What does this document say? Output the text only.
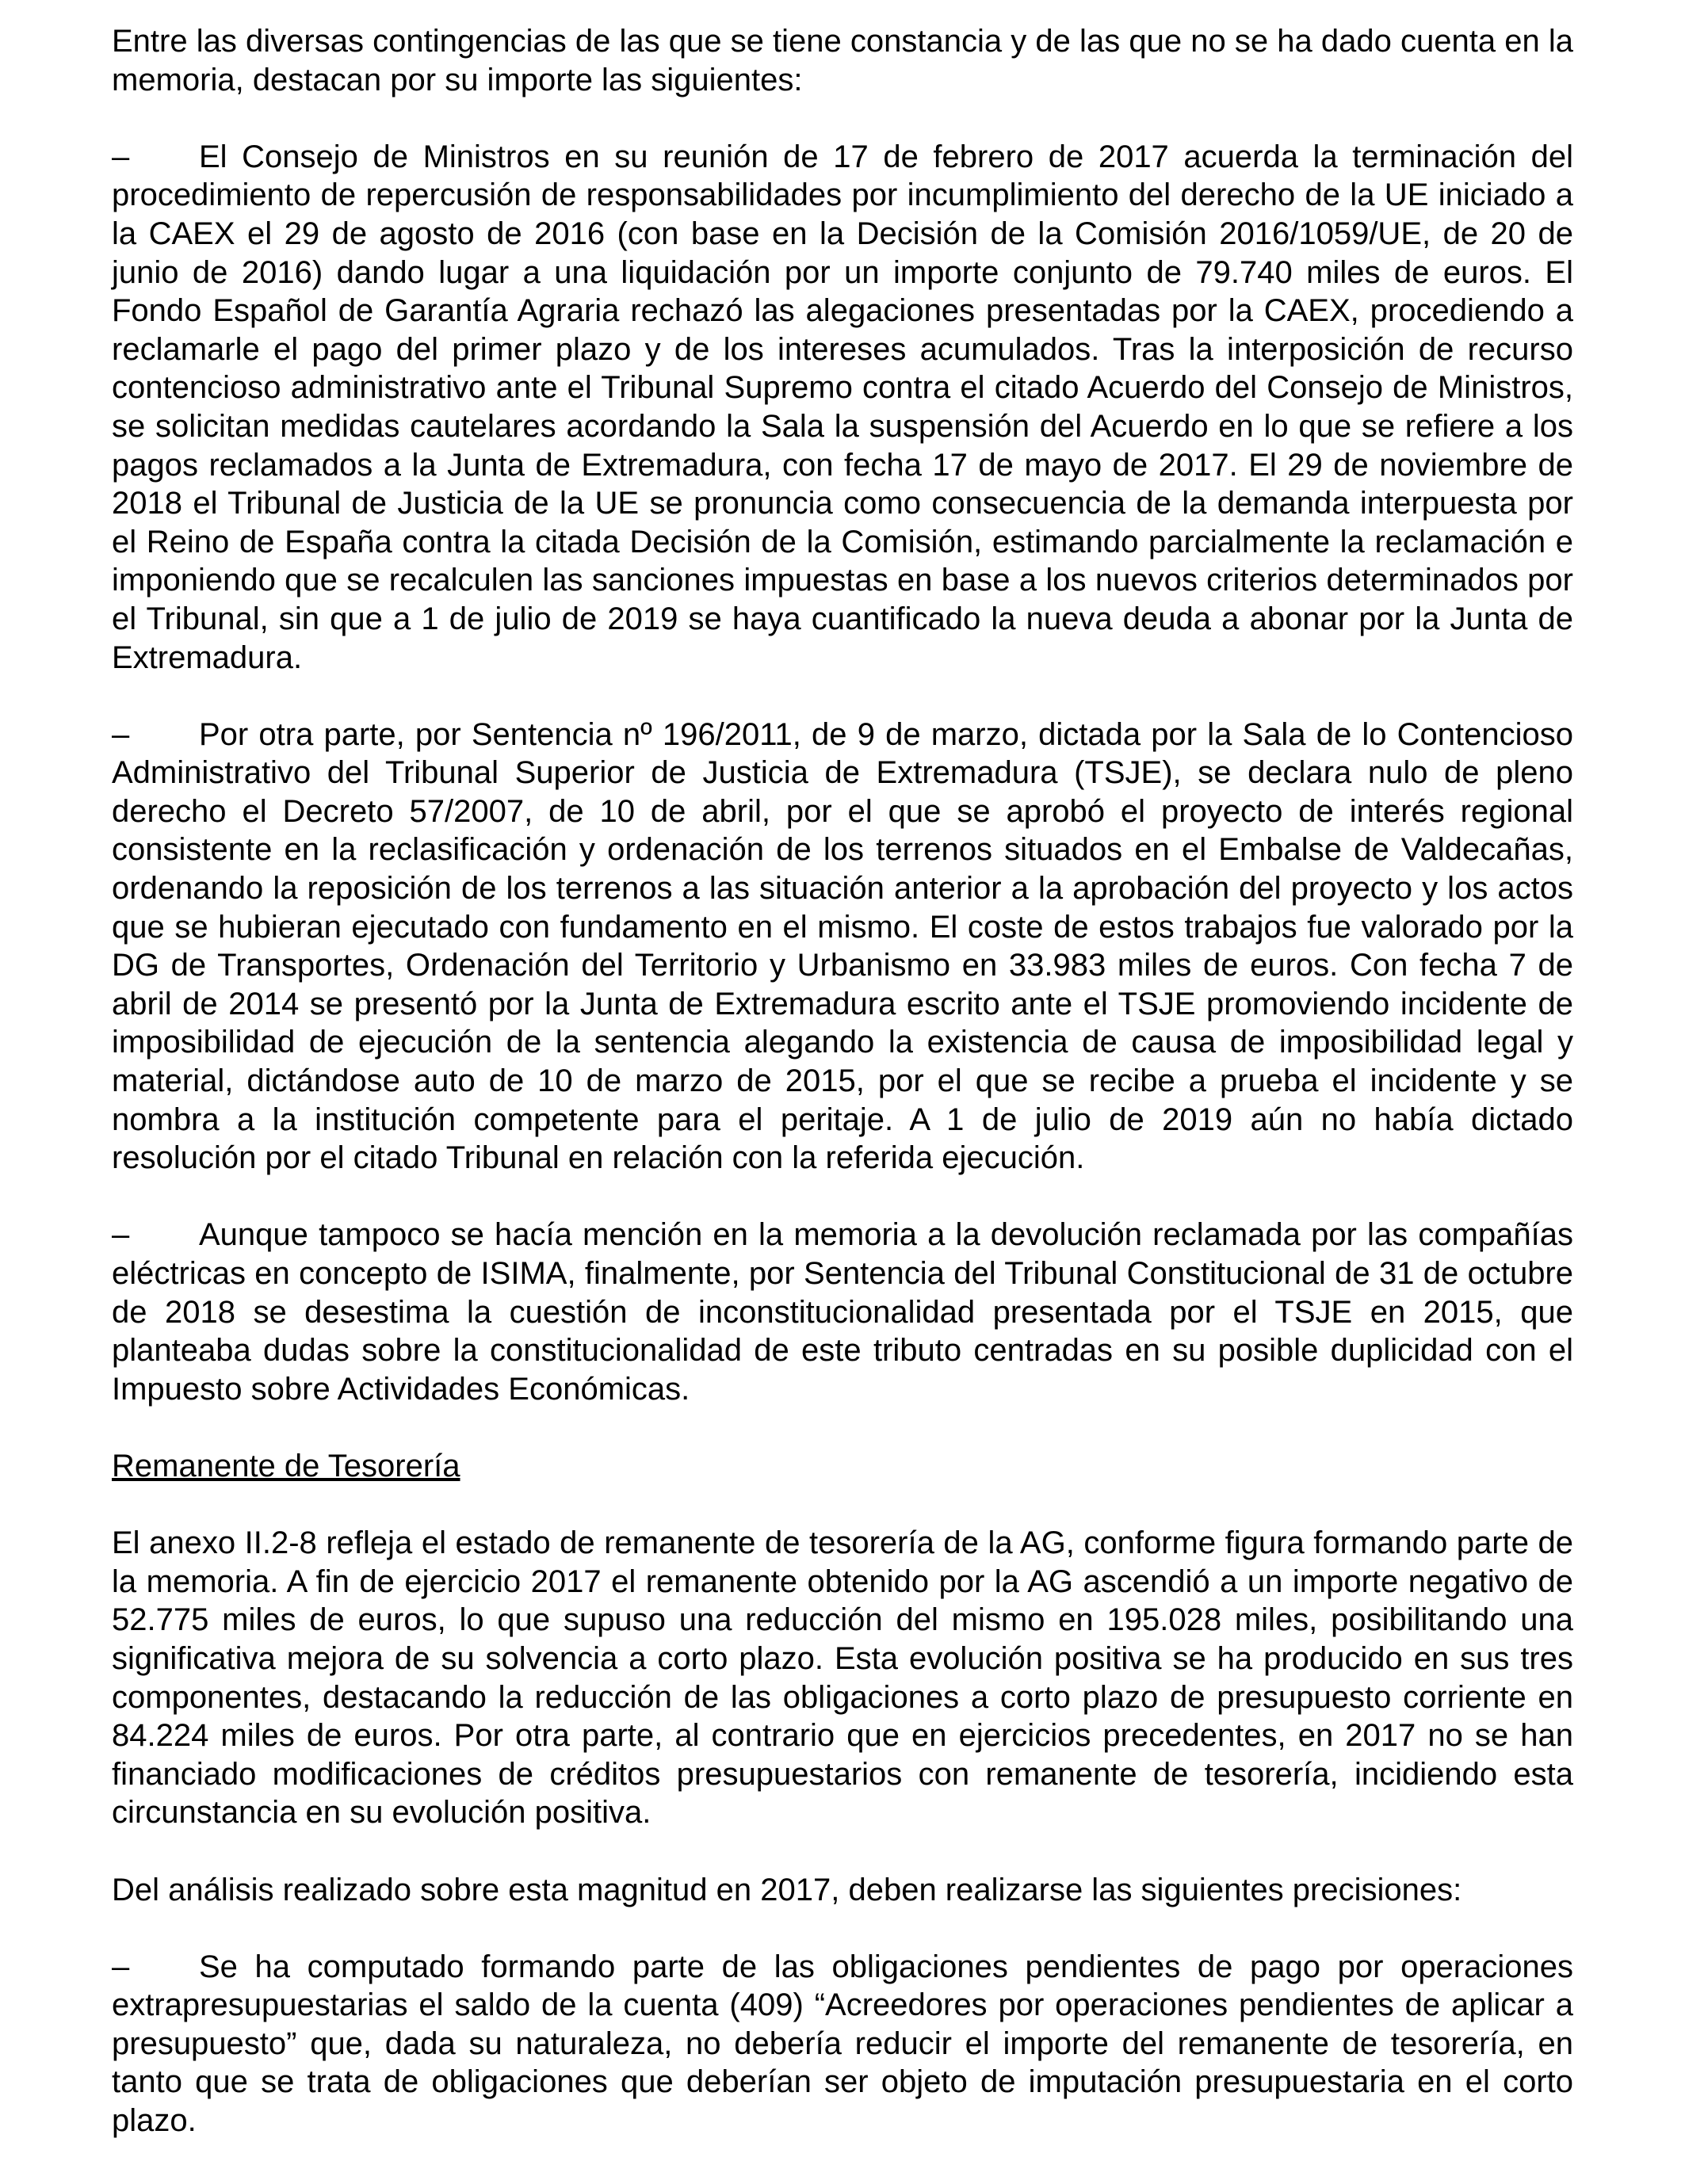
Entre las diversas contingencias de las que se tiene constancia y de las que no se ha dado cuenta en la memoria, destacan por su importe las siguientes:

– El Consejo de Ministros en su reunión de 17 de febrero de 2017 acuerda la terminación del procedimiento de repercusión de responsabilidades por incumplimiento del derecho de la UE iniciado a la CAEX el 29 de agosto de 2016 (con base en la Decisión de la Comisión 2016/1059/UE, de 20 de junio de 2016) dando lugar a una liquidación por un importe conjunto de 79.740 miles de euros. El Fondo Español de Garantía Agraria rechazó las alegaciones presentadas por la CAEX, procediendo a reclamarle el pago del primer plazo y de los intereses acumulados. Tras la interposición de recurso contencioso administrativo ante el Tribunal Supremo contra el citado Acuerdo del Consejo de Ministros, se solicitan medidas cautelares acordando la Sala la suspensión del Acuerdo en lo que se refiere a los pagos reclamados a la Junta de Extremadura, con fecha 17 de mayo de 2017. El 29 de noviembre de 2018 el Tribunal de Justicia de la UE se pronuncia como consecuencia de la demanda interpuesta por el Reino de España contra la citada Decisión de la Comisión, estimando parcialmente la reclamación e imponiendo que se recalculen las sanciones impuestas en base a los nuevos criterios determinados por el Tribunal, sin que a 1 de julio de 2019 se haya cuantificado la nueva deuda a abonar por la Junta de Extremadura.

– Por otra parte, por Sentencia nº 196/2011, de 9 de marzo, dictada por la Sala de lo Contencioso Administrativo del Tribunal Superior de Justicia de Extremadura (TSJE), se declara nulo de pleno derecho el Decreto 57/2007, de 10 de abril, por el que se aprobó el proyecto de interés regional consistente en la reclasificación y ordenación de los terrenos situados en el Embalse de Valdecañas, ordenando la reposición de los terrenos a las situación anterior a la aprobación del proyecto y los actos que se hubieran ejecutado con fundamento en el mismo. El coste de estos trabajos fue valorado por la DG de Transportes, Ordenación del Territorio y Urbanismo en 33.983 miles de euros. Con fecha 7 de abril de 2014 se presentó por la Junta de Extremadura escrito ante el TSJE promoviendo incidente de imposibilidad de ejecución de la sentencia alegando la existencia de causa de imposibilidad legal y material, dictándose auto de 10 de marzo de 2015, por el que se recibe a prueba el incidente y se nombra a la institución competente para el peritaje. A 1 de julio de 2019 aún no había dictado resolución por el citado Tribunal en relación con la referida ejecución.

– Aunque tampoco se hacía mención en la memoria a la devolución reclamada por las compañías eléctricas en concepto de ISIMA, finalmente, por Sentencia del Tribunal Constitucional de 31 de octubre de 2018 se desestima la cuestión de inconstitucionalidad presentada por el TSJE en 2015, que planteaba dudas sobre la constitucionalidad de este tributo centradas en su posible duplicidad con el Impuesto sobre Actividades Económicas.

Remanente de Tesorería

El anexo II.2-8 refleja el estado de remanente de tesorería de la AG, conforme figura formando parte de la memoria. A fin de ejercicio 2017 el remanente obtenido por la AG ascendió a un importe negativo de 52.775 miles de euros, lo que supuso una reducción del mismo en 195.028 miles, posibilitando una significativa mejora de su solvencia a corto plazo. Esta evolución positiva se ha producido en sus tres componentes, destacando la reducción de las obligaciones a corto plazo de presupuesto corriente en 84.224 miles de euros. Por otra parte, al contrario que en ejercicios precedentes, en 2017 no se han financiado modificaciones de créditos presupuestarios con remanente de tesorería, incidiendo esta circunstancia en su evolución positiva.

Del análisis realizado sobre esta magnitud en 2017, deben realizarse las siguientes precisiones:

– Se ha computado formando parte de las obligaciones pendientes de pago por operaciones extrapresupuestarias el saldo de la cuenta (409) “Acreedores por operaciones pendientes de aplicar a presupuesto” que, dada su naturaleza, no debería reducir el importe del remanente de tesorería, en tanto que se trata de obligaciones que deberían ser objeto de imputación presupuestaria en el corto plazo.
